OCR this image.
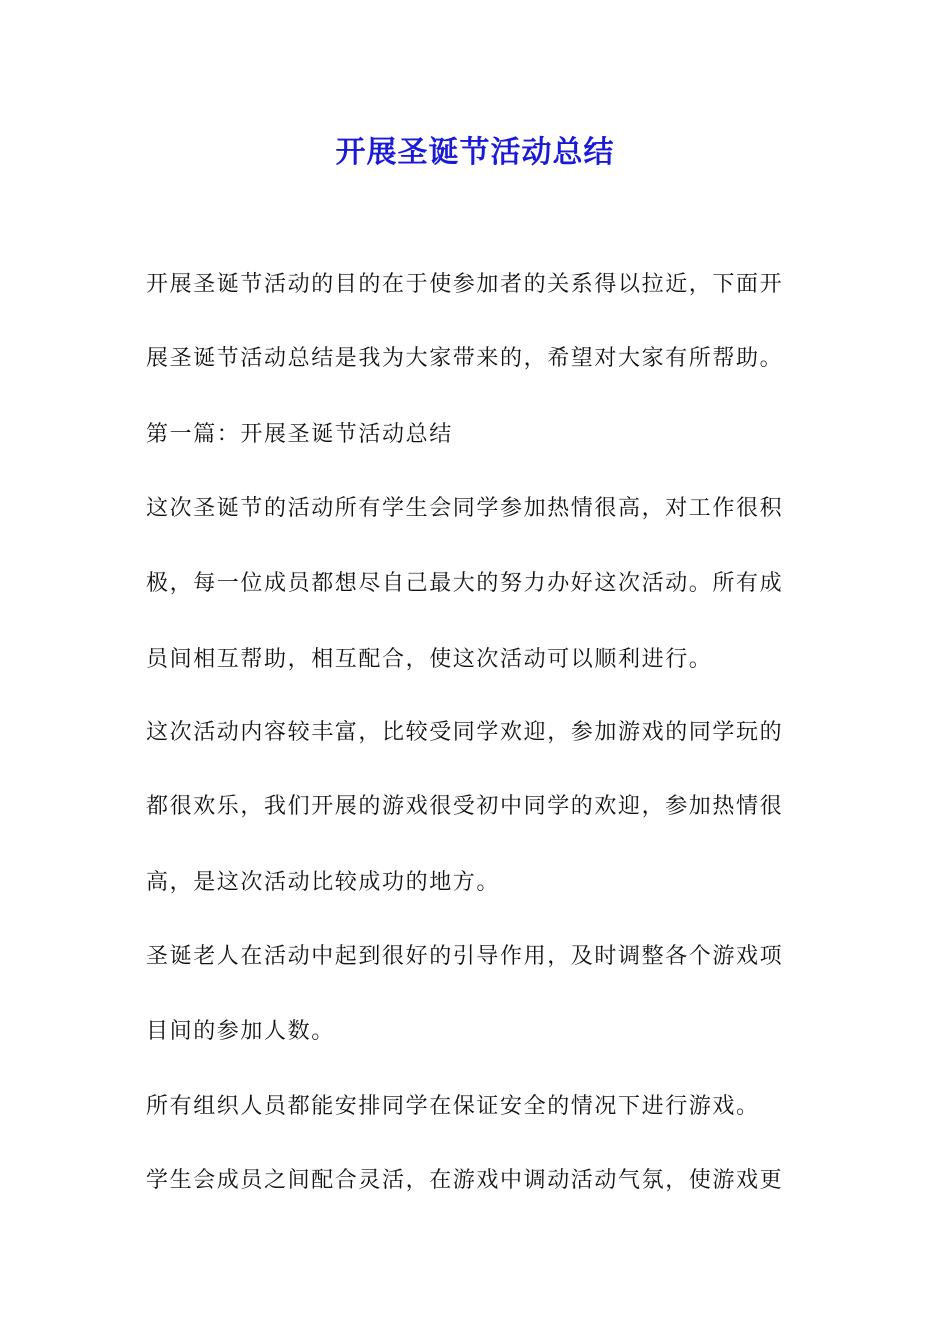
开展圣诞节活动总结

开展圣诞节活动的目的在于使参加者的关系得以拉近，下面开

展圣诞节活动总结是我为大家带来的，希望对大家有所帮助。

第一篇：开展圣诞节活动总结

这次圣诞节的活动所有学生会同学参加热情很高，对工作很积

极，每一位成员都想尽自己最大的努力办好这次活动。所有成

员间相互帮助，相互配合，使这次活动可以顺利进行。

这次活动内容较丰富，比较受同学欢迎，参加游戏的同学玩的

都很欢乐，我们开展的游戏很受初中同学的欢迎，参加热情很

高，是这次活动比较成功的地方。

圣诞老人在活动中起到很好的引导作用，及时调整各个游戏项

目间的参加人数。

所有组织人员都能安排同学在保证安全的情况下进行游戏。

学生会成员之间配合灵活，在游戏中调动活动气氛，使游戏更
